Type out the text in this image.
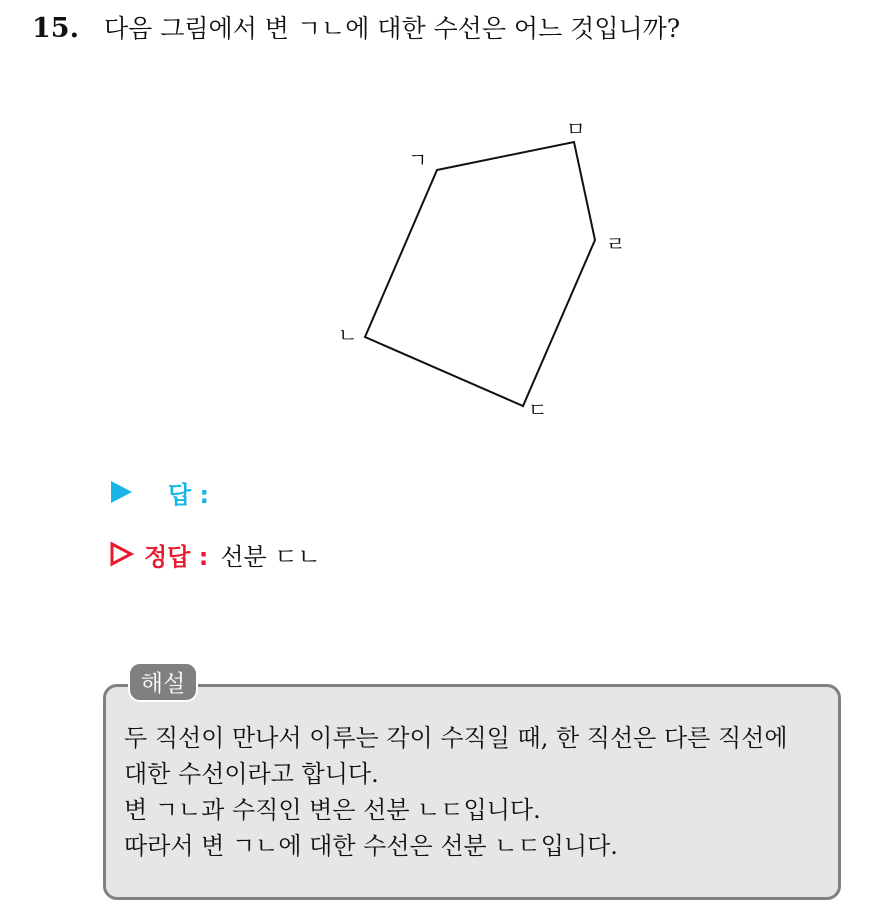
15. 다음 그림에서 변 ㄱㄴ에 대한 수선은 어느 것입니까?
ㄱ
ㅁ
ㄹ
ㄷ
ㄴ
답 :
정답 : 선분 ㄷㄴ
해설
두 직선이 만나서 이루는 각이 수직일 때, 한 직선은 다른 직선에
대한 수선이라고 합니다.
변 ㄱㄴ과 수직인 변은 선분 ㄴㄷ입니다.
따라서 변 ㄱㄴ에 대한 수선은 선분 ㄴㄷ입니다.
